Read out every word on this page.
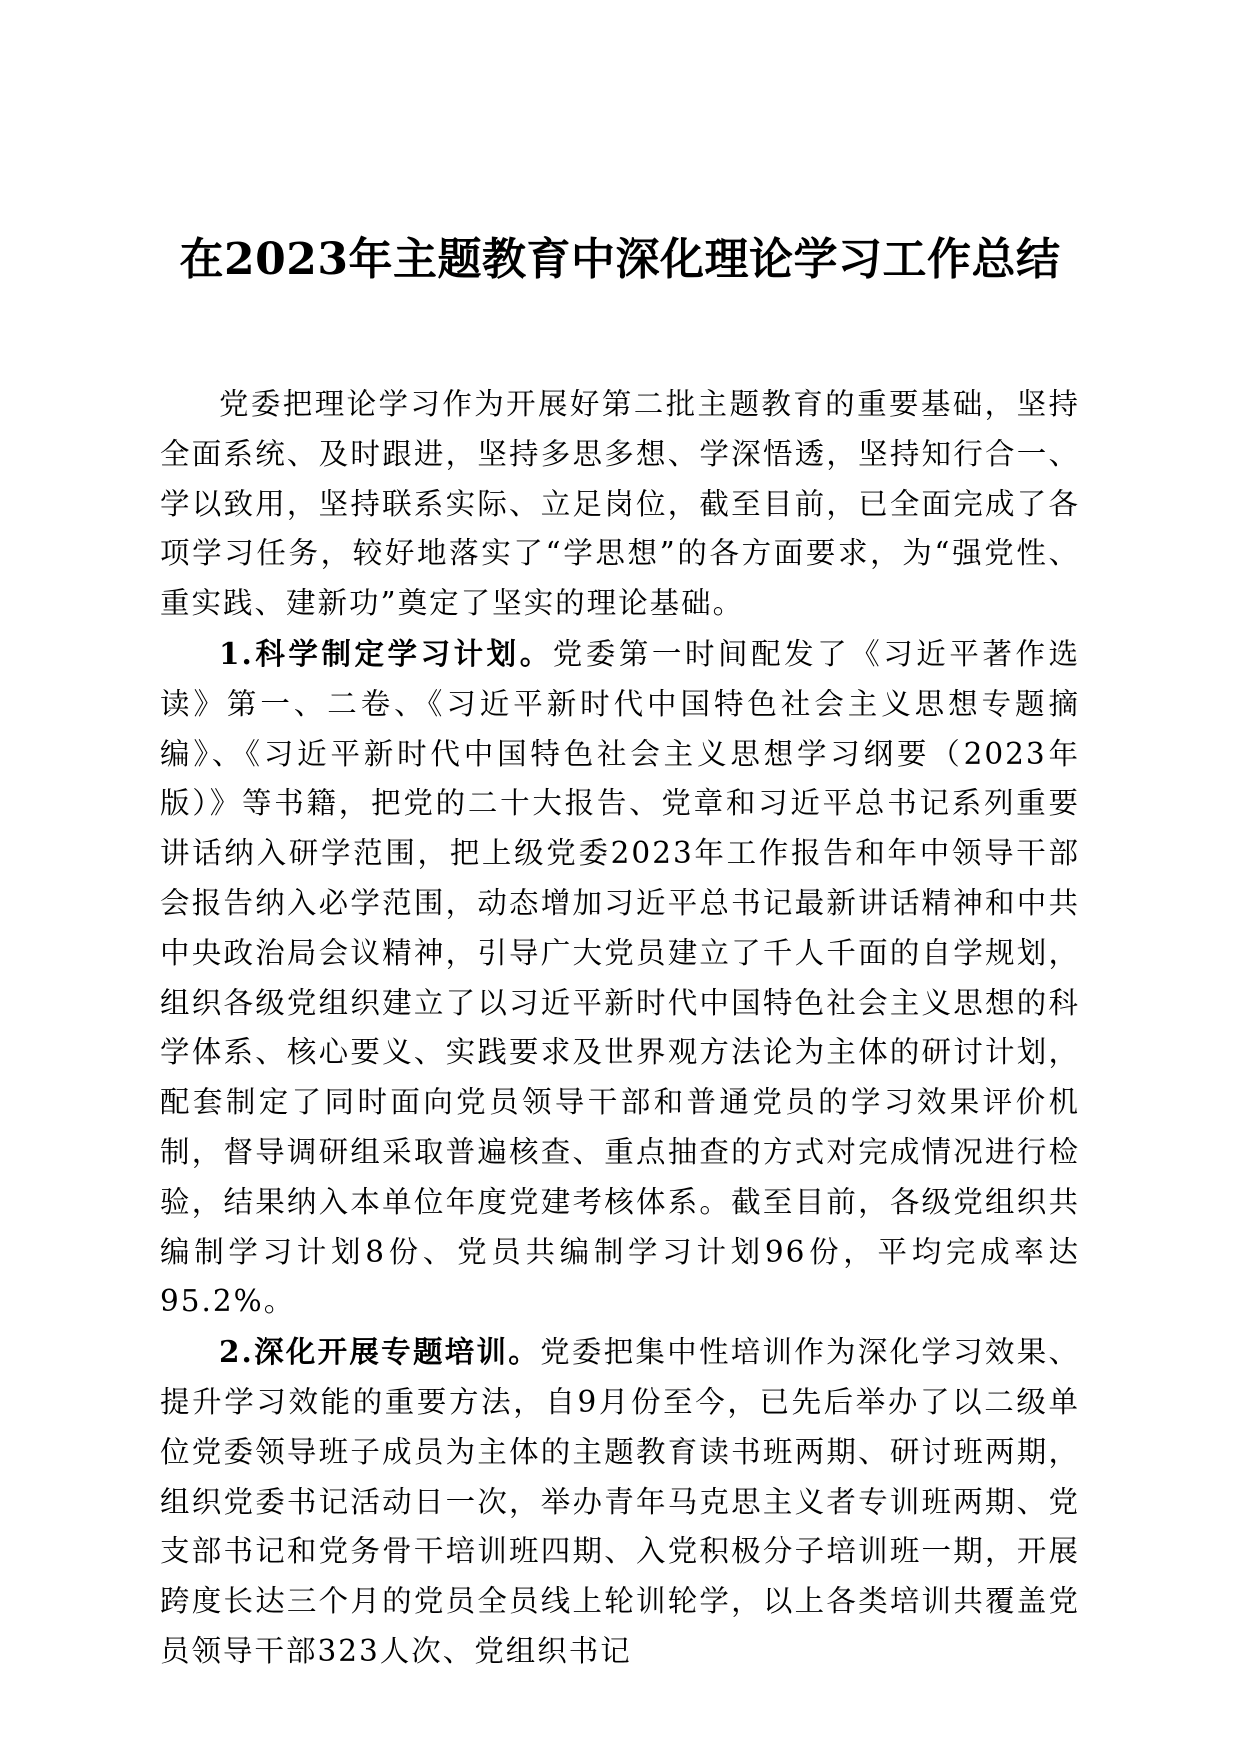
在2023年主题教育中深化理论学习工作总结

党委把理论学习作为开展好第二批主题教育的重要基础，坚持全面系统、及时跟进，坚持多思多想、学深悟透，坚持知行合一、学以致用，坚持联系实际、立足岗位，截至目前，已全面完成了各项学习任务，较好地落实了“学思想”的各方面要求，为“强党性、重实践、建新功”奠定了坚实的理论基础。

1.科学制定学习计划。党委第一时间配发了《习近平著作选读》第一、二卷、《习近平新时代中国特色社会主义思想专题摘编》、《习近平新时代中国特色社会主义思想学习纲要（2023年版）》等书籍，把党的二十大报告、党章和习近平总书记系列重要讲话纳入研学范围，把上级党委2023年工作报告和年中领导干部会报告纳入必学范围，动态增加习近平总书记最新讲话精神和中共中央政治局会议精神，引导广大党员建立了千人千面的自学规划，组织各级党组织建立了以习近平新时代中国特色社会主义思想的科学体系、核心要义、实践要求及世界观方法论为主体的研讨计划，配套制定了同时面向党员领导干部和普通党员的学习效果评价机制，督导调研组采取普遍核查、重点抽查的方式对完成情况进行检验，结果纳入本单位年度党建考核体系。截至目前，各级党组织共编制学习计划8份、党员共编制学习计划96份，平均完成率达95.2%。

2.深化开展专题培训。党委把集中性培训作为深化学习效果、提升学习效能的重要方法，自9月份至今，已先后举办了以二级单位党委领导班子成员为主体的主题教育读书班两期、研讨班两期，组织党委书记活动日一次，举办青年马克思主义者专训班两期、党支部书记和党务骨干培训班四期、入党积极分子培训班一期，开展跨度长达三个月的党员全员线上轮训轮学，以上各类培训共覆盖党员领导干部323人次、党组织书记
